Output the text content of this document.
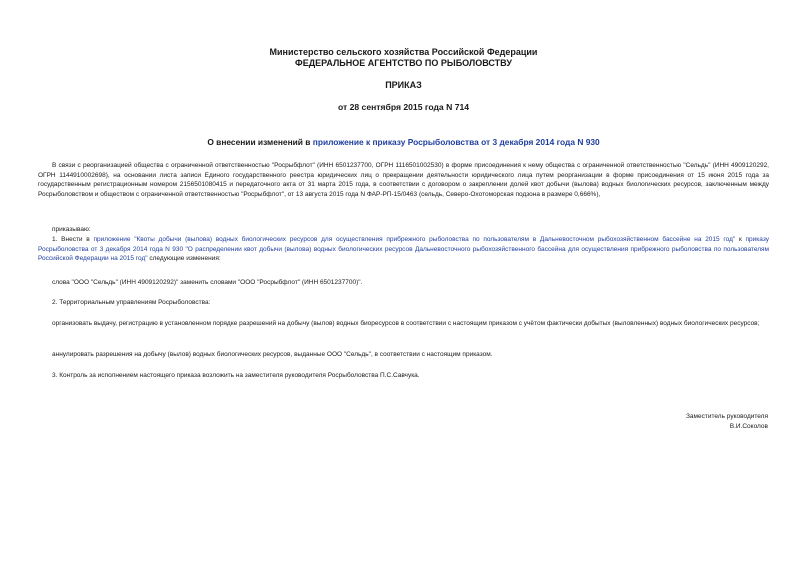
Министерство сельского хозяйства Российской Федерации
ФЕДЕРАЛЬНОЕ АГЕНТСТВО ПО РЫБОЛОВСТВУ
ПРИКАЗ
от 28 сентября 2015 года N 714
О внесении изменений в приложение к приказу Росрыболовства от 3 декабря 2014 года N 930
В связи с реорганизацией общества с ограниченной ответственностью "Росрыбфлот" (ИНН 6501237700, ОГРН 1116501002530) в форме присоединения к нему общества с ограниченной ответственностью "Сельдь" (ИНН 4909120292, ОГРН 1144910002698), на основании листа записи Единого государственного реестра юридических лиц о прекращении деятельности юридического лица путем реорганизации в форме присоединения от 15 июня 2015 года за государственным регистрационным номером 2156501080415 и передаточного акта от 31 марта 2015 года, в соответствии с договором о закреплении долей квот добычи (вылова) водных биологических ресурсов, заключенным между Росрыболовством и обществом с ограниченной ответственностью "Росрыбфлот", от 13 августа 2015 года N ФАР-РП-15/0463 (сельдь, Северо-Охотоморская подзона в размере 0,666%),
приказываю:
1. Внести в приложение "Квоты добычи (вылова) водных биологических ресурсов для осуществления прибрежного рыболовства по пользователям в Дальневосточном рыбохозяйственном бассейне на 2015 год" к приказу Росрыболовства от 3 декабря 2014 года N 930 "О распределении квот добычи (вылова) водных биологических ресурсов Дальневосточного рыбохозяйственного бассейна для осуществления прибрежного рыболовства по пользователям Российской Федерации на 2015 год" следующие изменения:
слова "ООО "Сельдь" (ИНН 4909120292)" заменить словами "ООО "Росрыбфлот" (ИНН 6501237700)".
2. Территориальным управлениям Росрыболовства:
организовать выдачу, регистрацию в установленном порядке разрешений на добычу (вылов) водных биоресурсов в соответствии с настоящим приказом с учётом фактически добытых (выловленных) водных биологических ресурсов;
аннулировать разрешения на добычу (вылов) водных биологических ресурсов, выданные ООО "Сельдь", в соответствии с настоящим приказом.
3. Контроль за исполнением настоящего приказа возложить на заместителя руководителя Росрыболовства П.С.Савчука.
Заместитель руководителя
В.И.Соколов
